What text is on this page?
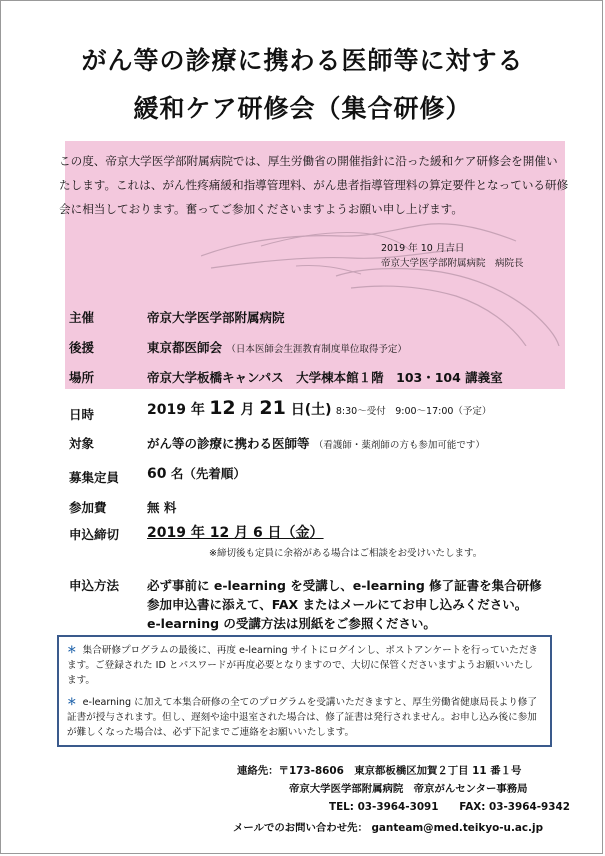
がん等の診療に携わる医師等に対する
緩和ケア研修会（集合研修）
この度、帝京大学医学部附属病院では、厚生労働省の開催指針に沿った緩和ケア研修会を開催いたします。これは、がん性疼痛緩和指導管理料、がん患者指導管理料の算定要件となっている研修会に相当しております。奮ってご参加くださいますようお願い申し上げます。
2019 年 10 月吉日
帝京大学医学部附属病院　病院長
主催	帝京大学医学部附属病院
後援	東京都医師会 （日本医師会生涯教育制度単位取得予定）
場所	帝京大学板橋キャンパス　大学棟本館１階　103・104 講義室
日時	2019 年 12 月 21 日(土) 8:30～受付　9:00～17:00（予定）
対象	がん等の診療に携わる医師等 （看護師・薬剤師の方も参加可能です）
募集定員 60 名（先着順）
参加費	無 料
申込締切 2019 年 12 月 6 日（金）
※締切後も定員に余裕がある場合はご相談をお受けいたします。
申込方法 必ず事前に e-learning を受講し、e-learning 修了証書を集合研修
参加申込書に添えて、FAX またはメールにてお申し込みください。
e-learning の受講方法は別紙をご参照ください。

＊ 集合研修プログラムの最後に、再度 e-learning サイトにログインし、ポストアンケートを行っていただきます。ご登録された ID とパスワードが再度必要となりますので、大切に保管くださいますようお願いいたします。

＊ e-learning に加えて本集合研修の全てのプログラムを受講いただきますと、厚生労働省健康局長より修了証書が授与されます。但し、遅刻や途中退室された場合は、修了証書は発行されません。お申し込み後に参加が難しくなった場合は、必ず下記までご連絡をお願いいたします。

連絡先：〒173-8606　東京都板橋区加賀２丁目 11 番１号
帝京大学医学部附属病院　帝京がんセンター事務局
TEL: 03-3964-3091　　FAX: 03-3964-9342
メールでのお問い合わせ先： ganteam@med.teikyo-u.ac.jp
